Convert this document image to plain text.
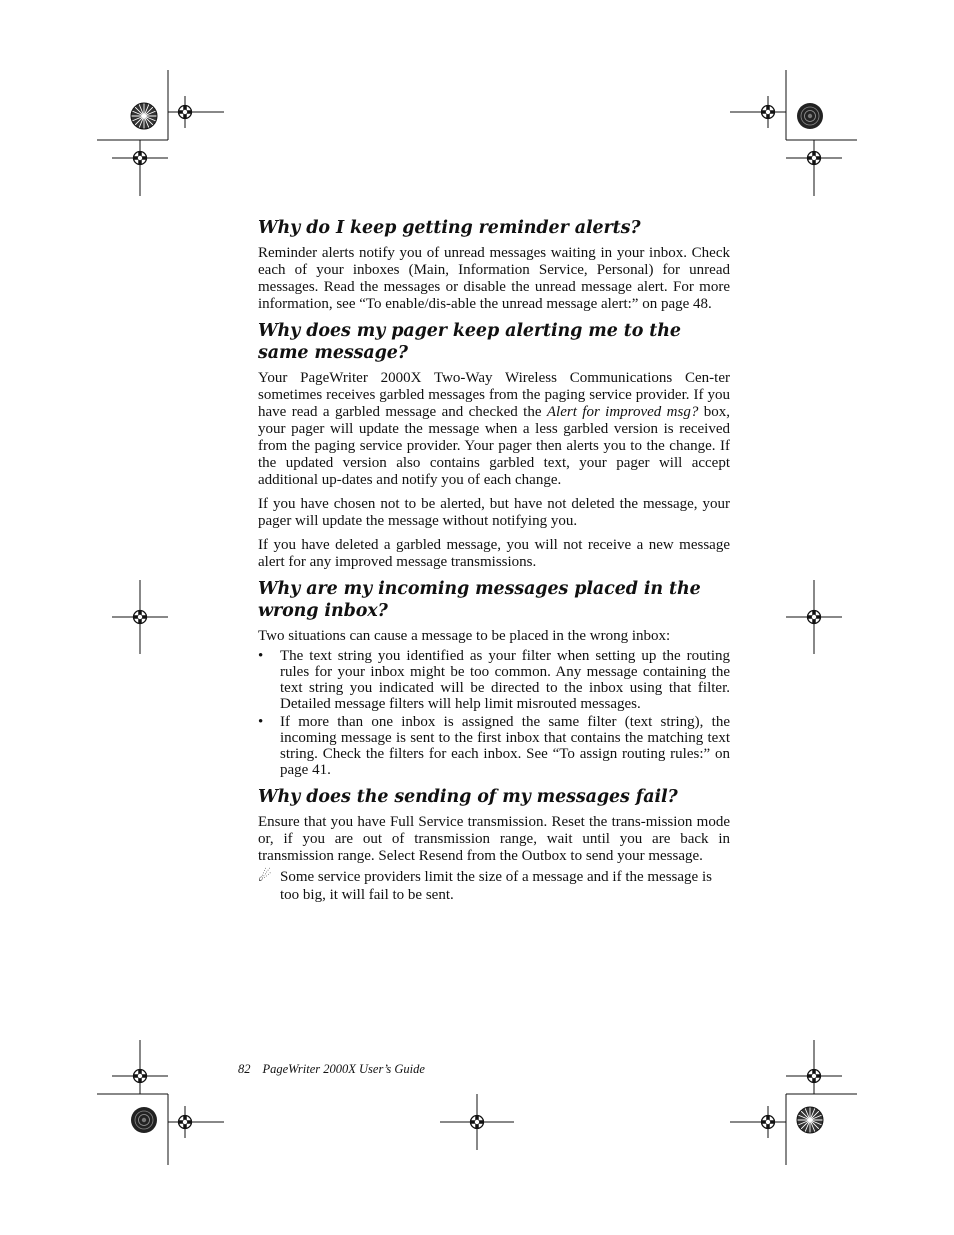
Why do I keep getting reminder alerts?

Reminder alerts notify you of unread messages waiting in your inbox. Check each of your inboxes (Main, Information Service, Personal) for unread messages. Read the messages or disable the unread message alert. For more information, see “To enable/dis-able the unread message alert:” on page 48.

Why does my pager keep alerting me to the same message?

Your PageWriter 2000X Two-Way Wireless Communications Cen-ter sometimes receives garbled messages from the paging service provider. If you have read a garbled message and checked the Alert for improved msg? box, your pager will update the message when a less garbled version is received from the paging service provider. Your pager then alerts you to the change. If the updated version also contains garbled text, your pager will accept additional up-dates and notify you of each change.

If you have chosen not to be alerted, but have not deleted the message, your pager will update the message without notifying you.

If you have deleted a garbled message, you will not receive a new message alert for any improved message transmissions.

Why are my incoming messages placed in the wrong inbox?

Two situations can cause a message to be placed in the wrong inbox:

• The text string you identified as your filter when setting up the routing rules for your inbox might be too common. Any message containing the text string you indicated will be directed to the inbox using that filter. Detailed message filters will help limit misrouted messages.
• If more than one inbox is assigned the same filter (text string), the incoming message is sent to the first inbox that contains the matching text string. Check the filters for each inbox. See “To assign routing rules:” on page 41.
Why does the sending of my messages fail?

Ensure that you have Full Service transmission. Reset the trans-mission mode or, if you are out of transmission range, wait until you are back in transmission range. Select Resend from the Outbox to send your message.

☄ Some service providers limit the size of a message and if the message is too big, it will fail to be sent.
82 PageWriter 2000X User’s Guide
